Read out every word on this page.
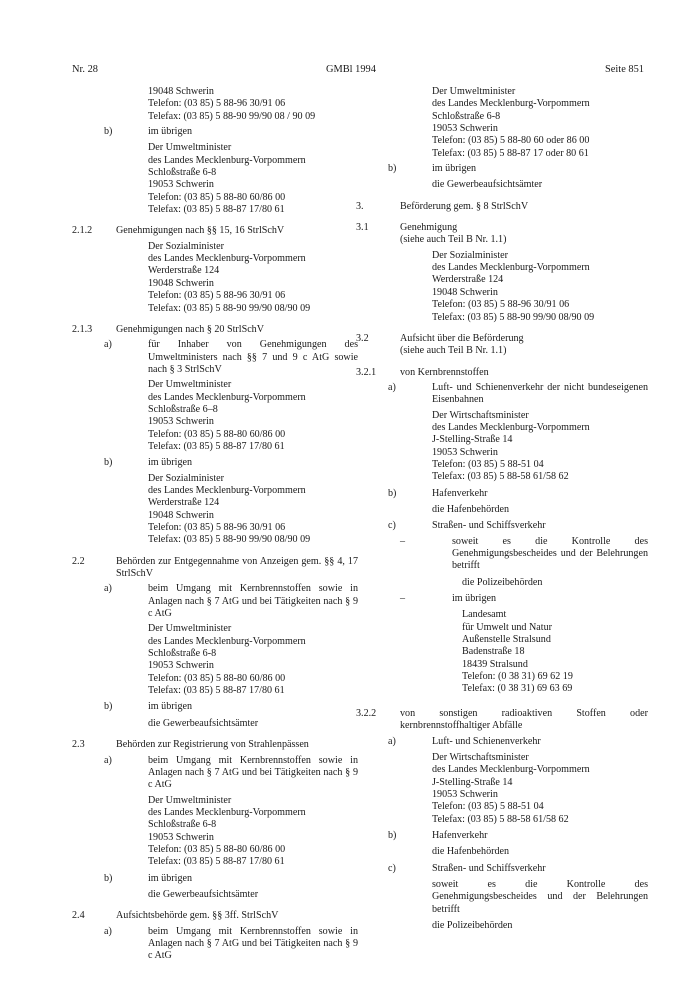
Nr. 28	GMBl 1994	Seite 851
19048 Schwerin
Telefon: (03 85) 5 88-96 30/91 06
Telefax: (03 85) 5 88-90 99/90 08 / 90 09
b)	im übrigen
Der Umweltminister
des Landes Mecklenburg-Vorpommern
Schloßstraße 6-8
19053 Schwerin
Telefon: (03 85) 5 88-80 60/86 00
Telefax: (03 85) 5 88-87 17/80 61
2.1.2	Genehmigungen nach §§ 15, 16 StrlSchV
Der Sozialminister
des Landes Mecklenburg-Vorpommern
Werderstraße 124
19048 Schwerin
Telefon: (03 85) 5 88-96 30/91 06
Telefax: (03 85) 5 88-90 99/90 08/90 09
2.1.3	Genehmigungen nach § 20 StrlSchV
a)	für Inhaber von Genehmigungen des Umweltministers nach §§ 7 und 9 c AtG sowie nach § 3 StrlSchV
Der Umweltminister
des Landes Mecklenburg-Vorpommern
Schloßstraße 6–8
19053 Schwerin
Telefon: (03 85) 5 88-80 60/86 00
Telefax: (03 85) 5 88-87 17/80 61
b)	im übrigen
Der Sozialminister
des Landes Mecklenburg-Vorpommern
Werderstraße 124
19048 Schwerin
Telefon: (03 85) 5 88-96 30/91 06
Telefax: (03 85) 5 88-90 99/90 08/90 09
2.2	Behörden zur Entgegennahme von Anzeigen gem. §§ 4, 17 StrlSchV
a)	beim Umgang mit Kernbrennstoffen sowie in Anlagen nach § 7 AtG und bei Tätigkeiten nach § 9 c AtG
Der Umweltminister
des Landes Mecklenburg-Vorpommern
Schloßstraße 6-8
19053 Schwerin
Telefon: (03 85) 5 88-80 60/86 00
Telefax: (03 85) 5 88-87 17/80 61
b)	im übrigen
die Gewerbeaufsichtsämter
2.3	Behörden zur Registrierung von Strahlenpässen
a)	beim Umgang mit Kernbrennstoffen sowie in Anlagen nach § 7 AtG und bei Tätigkeiten nach § 9 c AtG
Der Umweltminister
des Landes Mecklenburg-Vorpommern
Schloßstraße 6-8
19053 Schwerin
Telefon: (03 85) 5 88-80 60/86 00
Telefax: (03 85) 5 88-87 17/80 61
b)	im übrigen
die Gewerbeaufsichtsämter
2.4	Aufsichtsbehörde gem. §§ 3ff. StrlSchV
a)	beim Umgang mit Kernbrennstoffen sowie in Anlagen nach § 7 AtG und bei Tätigkeiten nach § 9 c AtG
Der Umweltminister
des Landes Mecklenburg-Vorpommern
Schloßstraße 6-8
19053 Schwerin
Telefon: (03 85) 5 88-80 60 oder 86 00
Telefax: (03 85) 5 88-87 17 oder 80 61
b)	im übrigen
die Gewerbeaufsichtsämter
3.	Beförderung gem. § 8 StrlSchV
3.1	Genehmigung
(siehe auch Teil B Nr. 1.1)
Der Sozialminister
des Landes Mecklenburg-Vorpommern
Werderstraße 124
19048 Schwerin
Telefon: (03 85) 5 88-96 30/91 06
Telefax: (03 85) 5 88-90 99/90 08/90 09
3.2	Aufsicht über die Beförderung
(siehe auch Teil B Nr. 1.1)
3.2.1	von Kernbrennstoffen
a)	Luft- und Schienenverkehr der nicht bundeseigenen Eisenbahnen
Der Wirtschaftsminister
des Landes Mecklenburg-Vorpommern
J-Stelling-Straße 14
19053 Schwerin
Telefon: (03 85) 5 88-51 04
Telefax: (03 85) 5 88-58 61/58 62
b)	Hafenverkehr
die Hafenbehörden
c)	Straßen- und Schiffsverkehr
–	soweit es die Kontrolle des Genehmigungsbescheides und der Belehrungen betrifft
die Polizeibehörden
–	im übrigen
Landesamt
für Umwelt und Natur
Außenstelle Stralsund
Badenstraße 18
18439 Stralsund
Telefon: (0 38 31) 69 62 19
Telefax: (0 38 31) 69 63 69
3.2.2	von sonstigen radioaktiven Stoffen oder kernbrennstoffhaltiger Abfälle
a)	Luft- und Schienenverkehr
Der Wirtschaftsminister
des Landes Mecklenburg-Vorpommern
J-Stelling-Straße 14
19053 Schwerin
Telefon: (03 85) 5 88-51 04
Telefax: (03 85) 5 88-58 61/58 62
b)	Hafenverkehr
die Hafenbehörden
c)	Straßen- und Schiffsverkehr
soweit es die Kontrolle des Genehmigungsbescheides und der Belehrungen betrifft
die Polizeibehörden
